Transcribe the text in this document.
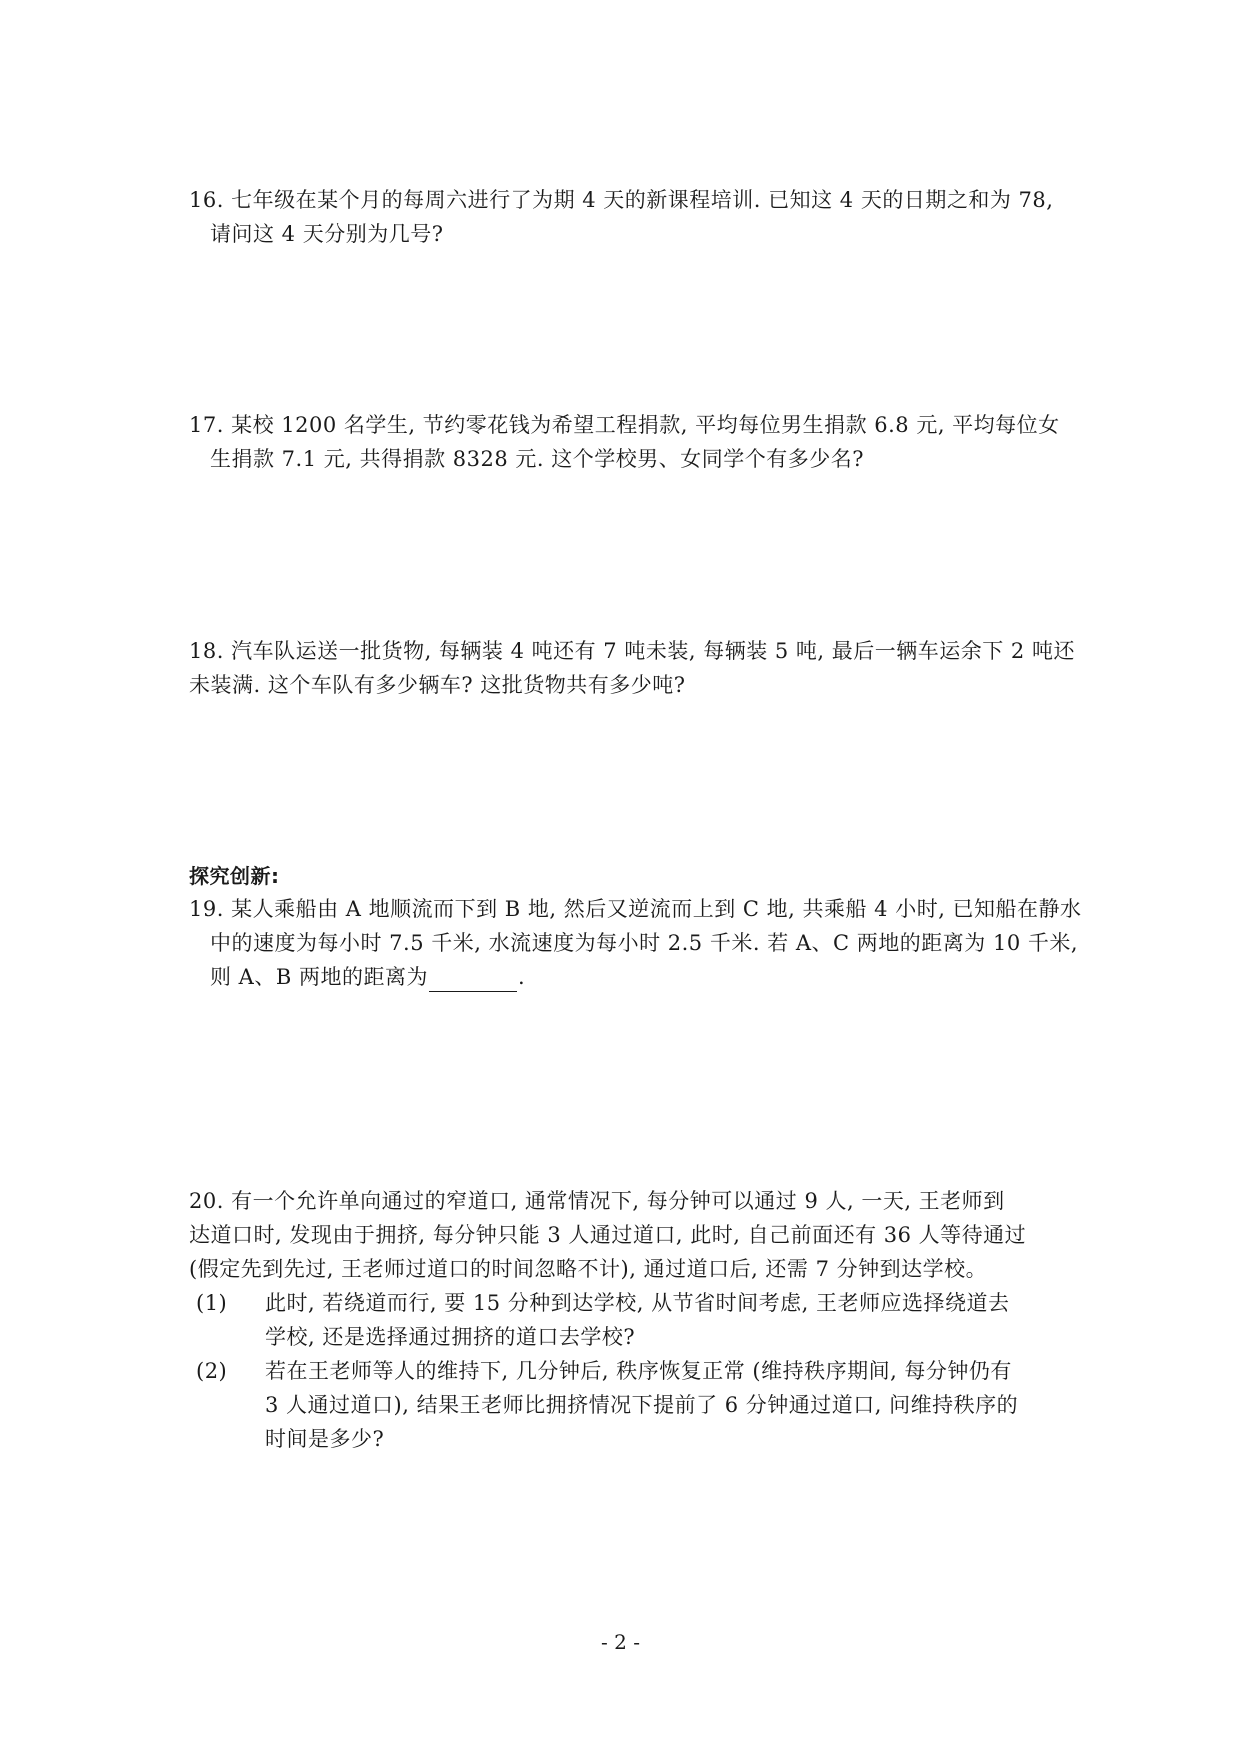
16. 七年级在某个月的每周六进行了为期 4 天的新课程培训. 已知这 4 天的日期之和为 78,
请问这 4 天分别为几号?
17. 某校 1200 名学生, 节约零花钱为希望工程捐款, 平均每位男生捐款 6.8 元, 平均每位女
生捐款 7.1 元, 共得捐款 8328 元. 这个学校男、女同学个有多少名?
18. 汽车队运送一批货物, 每辆装 4 吨还有 7 吨未装, 每辆装 5 吨, 最后一辆车运余下 2 吨还
未装满. 这个车队有多少辆车? 这批货物共有多少吨?
探究创新:
19. 某人乘船由 A 地顺流而下到 B 地, 然后又逆流而上到 C 地, 共乘船 4 小时, 已知船在静水
中的速度为每小时 7.5 千米, 水流速度为每小时 2.5 千米. 若 A、C 两地的距离为 10 千米,
则 A、B 两地的距离为	.
20. 有一个允许单向通过的窄道口, 通常情况下, 每分钟可以通过 9 人, 一天, 王老师到
达道口时, 发现由于拥挤, 每分钟只能 3 人通过道口, 此时, 自己前面还有 36 人等待通过
(假定先到先过, 王老师过道口的时间忽略不计), 通过道口后, 还需 7 分钟到达学校。
(1) 此时, 若绕道而行, 要 15 分种到达学校, 从节省时间考虑, 王老师应选择绕道去
学校, 还是选择通过拥挤的道口去学校?
(2) 若在王老师等人的维持下, 几分钟后, 秩序恢复正常 (维持秩序期间, 每分钟仍有
3 人通过道口), 结果王老师比拥挤情况下提前了 6 分钟通过道口, 问维持秩序的
时间是多少?
- 2 -
